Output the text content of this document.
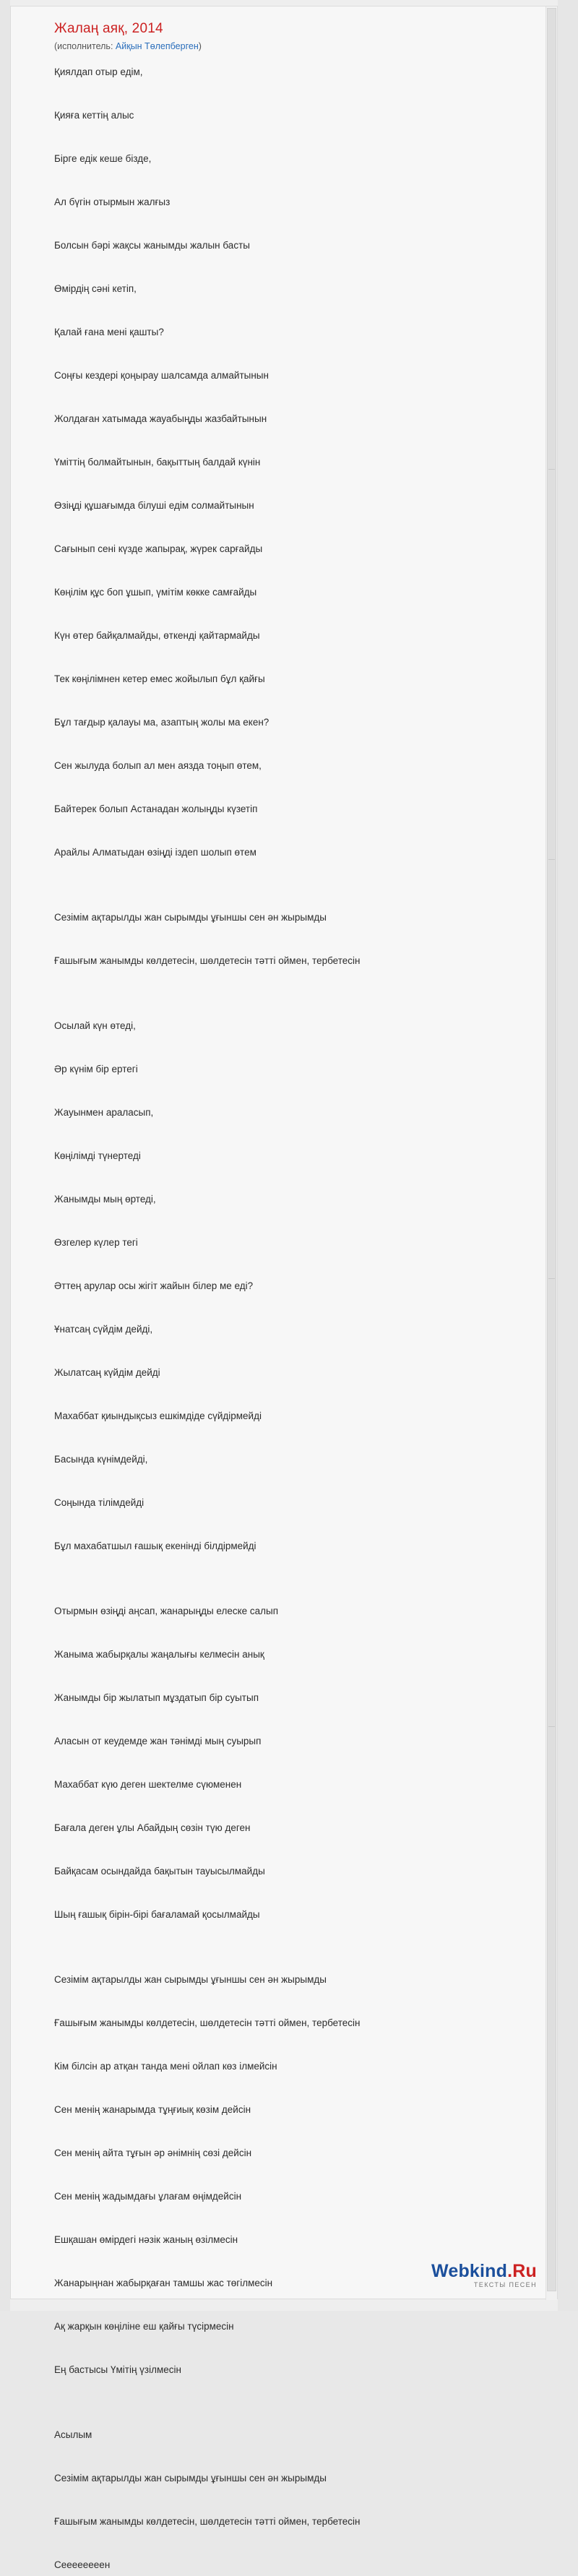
Жалаң аяқ, 2014
(исполнитель: Айқын Төлепберген)
Қиялдап отыр едім,
Қияға кеттің алыс
Бірге едік кеше бізде,
Ал бүгін отырмын жалғыз
Болсын бәрі жақсы жанымды жалын басты
Өмірдің сәні кетіп,
Қалай ғана мені қашты?
Соңғы кездері қоңырау шалсамда алмайтынын
Жолдаған хатымада жауабыңды жазбайтынын
Үміттің болмайтынын, бақыттың балдай күнін
Өзіңді құшағымда білуші едім солмайтынын
Сағынып сені күзде жапырақ, жүрек сарғайды
Көңілім құс боп ұшып, үмітім көкке самғайды
Күн өтер байқалмайды, өткенді қайтармайды
Тек көңілімнен кетер емес жойылып бұл қайғы
Бұл тағдыр қалауы ма, азаптың жолы ма екен?
Сен жылуда болып ал мен аязда тоңып өтем,
Байтерек болып Астанадан жолыңды күзетіп
Арайлы Алматыдан өзіңді іздеп шолып өтем
Сезімім ақтарылды жан сырымды ұғыншы сен ән жырымды
Ғашығым жанымды көлдетесін, шөлдетесін тәтті оймен, тербетесін
Осылай күн өтеді,
Әр күнім бір ертегі
Жауынмен араласып,
Көңілімді түнертеді
Жанымды мың өртеді,
Өзгелер күлер тегі
Әттең арулар осы жігіт жайын білер ме еді?
Ұнатсаң сүйдім дейді,
Жылатсаң күйдім дейді
Махаббат қиындықсыз ешкімдіде сүйдірмейді
Басында күнімдейді,
Соңында тілімдейді
Бұл махабатшыл ғашық екенінді білдірмейді
Отырмын өзіңді аңсап, жанарыңды елеске салып
Жаныма жабырқалы жаңалығы келмесін анық
Жанымды бір жылатып мұздатып бір суытып
Аласын от кеудемде жан тәнімді мың суырып
Махаббат күю деген шектелме сүюменен
Бағала деген ұлы Абайдың сөзін түю деген
Байқасам осындайда бақытын тауысылмайды
Шың ғашық бірін-бірі бағаламай қосылмайды
Сезімім ақтарылды жан сырымды ұғыншы сен ән жырымды
Ғашығым жанымды көлдетесін, шөлдетесін тәтті оймен, тербетесін
Кім білсін ар атқан танда мені ойлап көз ілмейсін
Сен менің жанарымда тұңғиық көзім дейсін
Сен менің айта тұғын әр әнімнің сөзі дейсін
Сен менің жадымдағы ұлағам өңімдейсін
Ешқашан өмірдегі нәзік жаның өзілмесін
Жанарыңнан жабырқаған тамшы жас төгілмесін
Ақ жарқын көңіліне еш қайғы түсірмесін
Ең бастысы Үмітің үзілмесін
Асылым
Сезімім ақтарылды жан сырымды ұғыншы сен ән жырымды
Ғашығым жанымды көлдетесін, шөлдетесін тәтті оймен, тербетесін
Сеееееееен
Webkind.Ru
ТЕКСТЫ ПЕСЕН
